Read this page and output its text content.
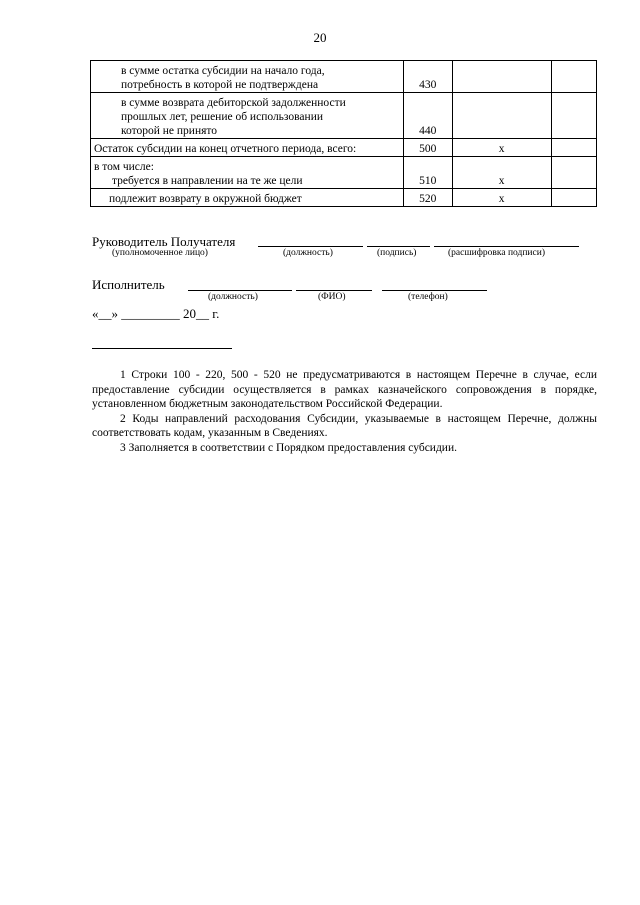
20
в сумме остатка субсидии на начало года,
потребность в которой не подтверждена	430		

в сумме возврата дебиторской задолженности
прошлых лет, решение об использовании
которой не принято	440		

Остаток субсидии на конец отчетного периода, всего:	500	x	

в том числе:
требуется в направлении на те же цели	510	x	

подлежит возврату в окружной бюджет	520	x	
Руководитель Получателя
(уполномоченное лицо)	(должность)	(подпись)	(расшифровка подписи)
Исполнитель
(должность)	(ФИО)	(телефон)
«__» _________ 20__ г.

1 Строки 100 - 220, 500 - 520 не предусматриваются в настоящем Перечне в случае, если предоставление субсидии осуществляется в рамках казначейского сопровождения в порядке, установленном бюджетным законодательством Российской Федерации.

2 Коды направлений расходования Субсидии, указываемые в настоящем Перечне, должны соответствовать кодам, указанным в Сведениях.

3 Заполняется в соответствии с Порядком предоставления субсидии.
